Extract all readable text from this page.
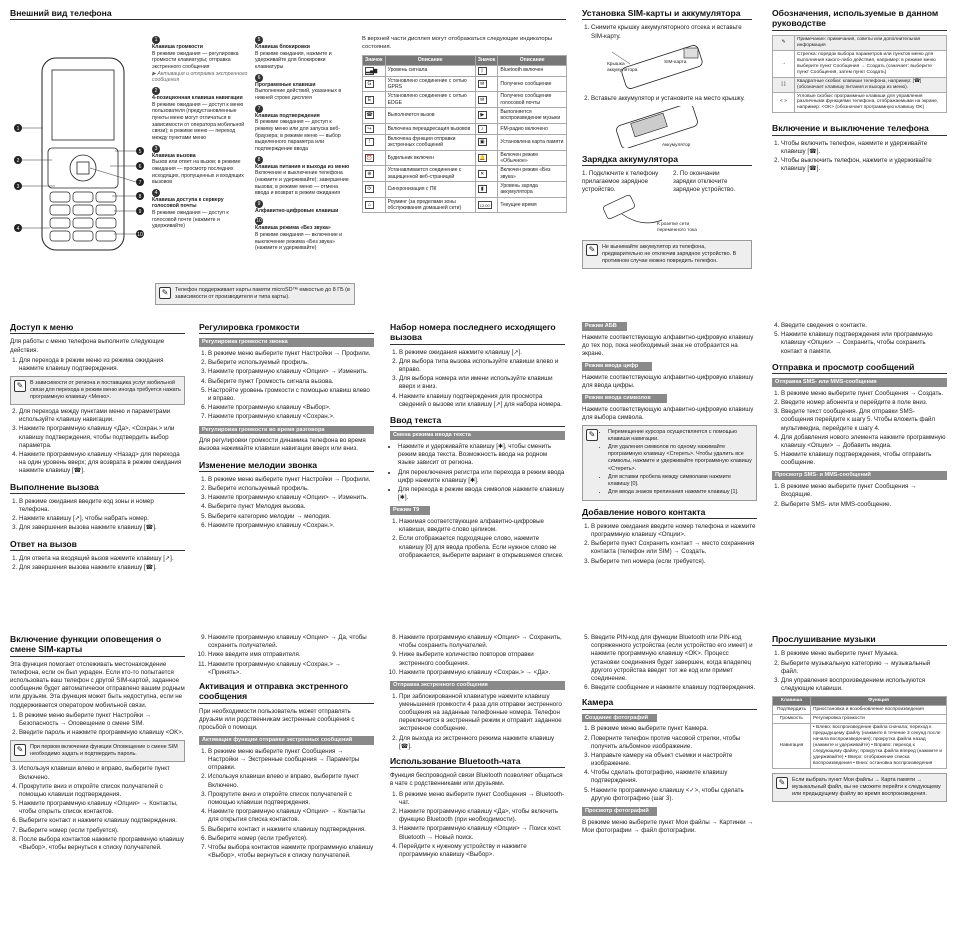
Внешний вид телефона
1
2
3
4
5
6
7
8
9
10
1
Клавиша громкости
В режиме ожидания — регулировка громкости клавиатуры; отправка экстренного сообщения
▶ Активация и отправка экстренного сообщения
2
4-позиционная клавиша навигации
В режиме ожидания — доступ к меню пользователя (предустановленные пункты меню могут отличаться в зависимости от оператора мобильной связи); в режиме меню — переход между пунктами меню
3
Клавиша вызова
Вызов или ответ на вызов; в режиме ожидания — просмотр последних исходящих, пропущенных и входящих вызовов
4
Клавиша доступа к серверу голосовой почты
В режиме ожидания — доступ к голосовой почте (нажмите и удерживайте)
5
Клавиша блокировки
В режиме ожидания, нажмите и удерживайте для блокировки клавиатуры
6
Программные клавиши
Выполнение действий, указанных в нижней строке дисплея
7
Клавиша подтверждения
В режиме ожидания — доступ к режиму меню или для запуска веб-браузера; в режиме меню — выбор выделенного параметра или подтверждение ввода
8
Клавиша питания и выхода из меню
Включение и выключение телефона (нажмите и удерживайте); завершение вызова; в режиме меню — отмена ввода и возврат в режим ожидания
9
Алфавитно-цифровые клавиши
10
Клавиша режима «Без звука»
В режиме ожидания — включение и выключение режима «Без звука» (нажмите и удерживайте)

В верхней части дисплея могут отображаться следующие индикаторы состояния.

Значок	Описание	Значок	Описание
▂▄▆	Уровень сигнала	ᛒ	Bluetooth включен
G	Установлено соединение с сетью GPRS	✉	Получено сообщение
E	Установлено соединение с сетью EDGE	✉	Получено сообщение голосовой почты
☎	Выполняется вызов	▶	Выполняется воспроизведение музыки
↪	Включена переадресация вызовов	♪	FM-радио включено
!	Включена функция отправки экстренных сообщений	▣	Установлена карта памяти
⏰	Будильник включен	🔔	Включен режим «Обычное»
⊕	Устанавливается соединение с защищенной веб-страницей	✕	Включен режим «Без звука»
⟳	Синхронизация с ПК	▮	Уровень заряда аккумулятора
⌂	Роуминг (за пределами зоны обслуживания домашней сети)	12:00	Текущее время
✎	Телефон поддерживает карты памяти microSD™ емкостью до 8 ГБ (в зависимости от производителя и типа карты).
Установка SIM-карты и аккумулятора
1. Снимите крышку аккумуляторного отсека и вставьте SIM-карту.
Крышка аккумулятора
SIM-карта
2. Вставьте аккумулятор и установите на место крышку.
Аккумулятор
Зарядка аккумулятора
1. Подключите к телефону прилагаемое зарядное устройство.
2. По окончании зарядки отключите зарядное устройство.
К розетке сети переменного тока
✎	Не вынимайте аккумулятор из телефона, предварительно не отключив зарядное устройство. В противном случае можно повредить телефон.
Обозначения, используемые в данном руководстве
✎	Примечание: примечания, советы или дополнительная информация
→	Стрелка: порядок выбора параметров или пунктов меню для выполнения какого-либо действия, например: в режиме меню выберите пункт Сообщения → Создать (означает: выберите пункт Сообщения, затем пункт Создать)
[ ]	Квадратные скобки: клавиши телефона, например: [☎] (обозначает клавишу питания и выхода из меню).
< >	Угловые скобки: программные клавиши для управления различными функциями телефона, отображаемыми на экране, например: <OK> (обозначает программную клавишу OK)
Включение и выключение телефона
1. Чтобы включить телефон, нажмите и удерживайте клавишу [☎].
2. Чтобы выключить телефон, нажмите и удерживайте клавишу [☎].
Доступ к меню

Для работы с меню телефона выполните следующие действия.

1. Для перехода в режим меню из режима ожидания нажмите клавишу подтверждения.
✎	В зависимости от региона и поставщика услуг мобильной связи для перехода в режим меню иногда требуется нажать программную клавишу <Меню>.
2. Для перехода между пунктами меню и параметрами используйте клавишу навигации.
3. Нажмите программную клавишу <Да>, <Сохран.> или клавишу подтверждения, чтобы подтвердить выбор параметра.
4. Нажмите программную клавишу <Назад> для перехода на один уровень вверх; для возврата в режим ожидания нажмите клавишу [☎].
Выполнение вызова
1. В режиме ожидания введите код зоны и номер телефона.
2. Нажмите клавишу [↗], чтобы набрать номер.
3. Для завершения вызова нажмите клавишу [☎].
Ответ на вызов
1. Для ответа на входящий вызов нажмите клавишу [↗].
2. Для завершения вызова нажмите клавишу [☎].
Регулировка громкости
Регулировка громкости звонка
1. В режиме меню выберите пункт Настройки → Профили.
2. Выберите используемый профиль.
3. Нажмите программную клавишу <Опции> → Изменить.
4. Выберите пункт Громкость сигнала вызова.
5. Настройте уровень громкости с помощью клавиш влево и вправо.
6. Нажмите программную клавишу <Выбор>.
7. Нажмите программную клавишу <Сохран.>.
Регулировка громкости во время разговора

Для регулировки громкости динамика телефона во время вызова нажимайте клавиши навигации вверх или вниз.

Изменение мелодии звонка
1. В режиме меню выберите пункт Настройки → Профили.
2. Выберите используемый профиль.
3. Нажмите программную клавишу <Опции> → Изменить.
4. Выберите пункт Мелодия вызова.
5. Выберите категорию мелодии → мелодия.
6. Нажмите программную клавишу <Сохран.>.
Набор номера последнего исходящего вызова
1. В режиме ожидания нажмите клавишу [↗].
2. Для выбора типа вызова используйте клавиши влево и вправо.
3. Для выбора номера или имени используйте клавиши вверх и вниз.
4. Нажмите клавишу подтверждения для просмотра сведений о вызове или клавишу [↗] для набора номера.
Ввод текста
Смена режима ввода текста
• Нажмите и удерживайте клавишу [✱], чтобы сменить режим ввода текста. Возможность ввода на родном языке зависит от региона.
• Для переключения регистра или перехода в режим ввода цифр нажмите клавишу [✱].
• Для перехода в режим ввода символов нажмите клавишу [✱].
Режим Т9
1. Нажимая соответствующие алфавитно-цифровые клавиши, введите слово целиком.
2. Если отображается подходящее слово, нажмите клавишу [0] для ввода пробела. Если нужное слово не отображается, выберите вариант в открывшемся списке.
Режим АБВ

Нажмите соответствующую алфавитно-цифровую клавишу до тех пор, пока необходимый знак не отобразится на экране.

Режим ввода цифр

Нажмите соответствующую алфавитно-цифровую клавишу для ввода цифры.

Режим ввода символов

Нажмите соответствующую алфавитно-цифровую клавишу для выбора символа.

✎	• Перемещение курсора осуществляется с помощью клавиши навигации.
• Для удаления символов по одному нажимайте программную клавишу <Стереть>. Чтобы удалить все символы, нажмите и удерживайте программную клавишу <Стереть>.
• Для вставки пробела между символами нажмите клавишу [0].
• Для ввода знаков препинания нажмите клавишу [1].
Добавление нового контакта
1. В режиме ожидания введите номер телефона и нажмите программную клавишу <Опции>.
2. Выберите пункт Сохранить контакт → место сохранения контакта (телефон или SIM) → Создать.
3. Выберите тип номера (если требуется).
4. Введите сведения о контакте.
5. Нажмите клавишу подтверждения или программную клавишу <Опции> → Сохранить, чтобы сохранить контакт в памяти.
Отправка и просмотр сообщений
Отправка SMS- или MMS-сообщения
1. В режиме меню выберите пункт Сообщения → Создать.
2. Введите номер абонента и перейдите в поле вниз.
3. Введите текст сообщения. Для отправки SMS-сообщения перейдите к шагу 5. Чтобы вложить файл мультимедиа, перейдите к шагу 4.
4. Для добавления нового элемента нажмите программную клавишу <Опции> → Добавить медиа.
5. Нажмите клавишу подтверждения, чтобы отправить сообщение.
Просмотр SMS- и MMS-сообщений
1. В режиме меню выберите пункт Сообщения → Входящие.
2. Выберите SMS- или MMS-сообщение.
Включение функции оповещения о смене SIM-карты

Эта функция помогает отслеживать местонахождение телефона, если он был украден. Если кто-то попытается использовать ваш телефон с другой SIM-картой, заданное сообщение будет автоматически отправлено вашим родным или друзьям. Эта функция может быть недоступна, если не поддерживается оператором мобильной связи.

1. В режиме меню выберите пункт Настройки → Безопасность → Оповещение о смене SIM.
2. Введите пароль и нажмите программную клавишу <OK>.
✎	При первом включении функции Оповещение о смене SIM необходимо задать и подтвердить пароль.
3. Используя клавиши влево и вправо, выберите пункт Включено.
4. Прокрутите вниз и откройте список получателей с помощью клавиши подтверждения.
5. Нажмите программную клавишу <Опции> → Контакты, чтобы открыть список контактов.
6. Выберите контакт и нажмите клавишу подтверждения.
7. Выберите номер (если требуется).
8. После выбора контактов нажмите программную клавишу <Выбор>, чтобы вернуться к списку получателей.
9. Нажмите программную клавишу <Опции> → Да, чтобы сохранить получателей.
10. Ниже введите имя отправителя.
11. Нажмите программную клавишу <Сохран.> → <Принять>.
Активация и отправка экстренного сообщения

При необходимости пользователь может отправлять друзьям или родственникам экстренные сообщения с просьбой о помощи.

Активация функции отправки экстренных сообщений
1. В режиме меню выберите пункт Сообщения → Настройки → Экстренные сообщения → Параметры отправки.
2. Используя клавиши влево и вправо, выберите пункт Включено.
3. Прокрутите вниз и откройте список получателей с помощью клавиши подтверждения.
4. Нажмите программную клавишу <Опции> → Контакты для открытия списка контактов.
5. Выберите контакт и нажмите клавишу подтверждения.
6. Выберите номер (если требуется).
7. Чтобы выбора контактов нажмите программную клавишу <Выбор>, чтобы вернуться к списку получателей.
8. Нажмите программную клавишу <Опции> → Сохранить, чтобы сохранить получателей.
9. Ниже выберите количество повторов отправки экстренного сообщения.
10. Нажмите программную клавишу <Сохран.> → <Да>.
Отправка экстренного сообщения
1. При заблокированной клавиатуре нажмите клавишу уменьшения громкости 4 раза для отправки экстренного сообщения на заданные телефонные номера. Телефон переключится в экстренный режим и отправит заданное экстренное сообщение.
2. Для выхода из экстренного режима нажмите клавишу [☎].
Использование Bluetooth-чата

Функция беспроводной связи Bluetooth позволяет общаться в чате с родственниками или друзьями.

1. В режиме меню выберите пункт Сообщения → Bluetooth-чат.
2. Нажмите программную клавишу <Да>, чтобы включить функцию Bluetooth (при необходимости).
3. Нажмите программную клавишу <Опции> → Поиск конт. Bluetooth → Новый поиск.
4. Перейдите к нужному устройству и нажмите программную клавишу <Выбор>.
5. Введите PIN-код для функции Bluetooth или PIN-код сопряженного устройства (если устройство его имеет) и нажмите программную клавишу <OK>. Процесс установки соединения будет завершен, когда владелец другого устройства введет тот же код или примет соединение.
6. Введите сообщение и нажмите клавишу подтверждения.
Камера
Создание фотографий
1. В режиме меню выберите пункт Камера.
2. Поверните телефон против часовой стрелки, чтобы получить альбомное изображение.
3. Направьте камеру на объект съемки и настройте изображение.
4. Чтобы сделать фотографию, нажмите клавишу подтверждения.
5. Нажмите программную клавишу <✓>, чтобы сделать другую фотографию (шаг 3).
Просмотр фотографий

В режиме меню выберите пункт Мои файлы → Картинки → Мои фотографии → файл фотографии.

Прослушивание музыки
1. В режиме меню выберите пункт Музыка.
2. Выберите музыкальную категорию → музыкальный файл.
3. Для управления воспроизведением используются следующие клавиши.
Клавиша	Функция
Подтвердить	Приостановка и возобновление воспроизведения
Громкость	Регулировка громкости
Навигация	• Влево: воспроизведение файла сначала; переход к предыдущему файлу (нажмите в течение 3 секунд после начала воспроизведения); прокрутка файла назад (нажмите и удерживайте) • Вправо: переход к следующему файлу; прокрутка файла вперед (нажмите и удерживайте) • Вверх: отображение списка воспроизведения • Вниз: остановка воспроизведения
✎	Если выбрать пункт Мои файлы → Карта памяти → музыкальный файл, вы не сможете перейти к следующему или предыдущему файлу во время воспроизведения.
